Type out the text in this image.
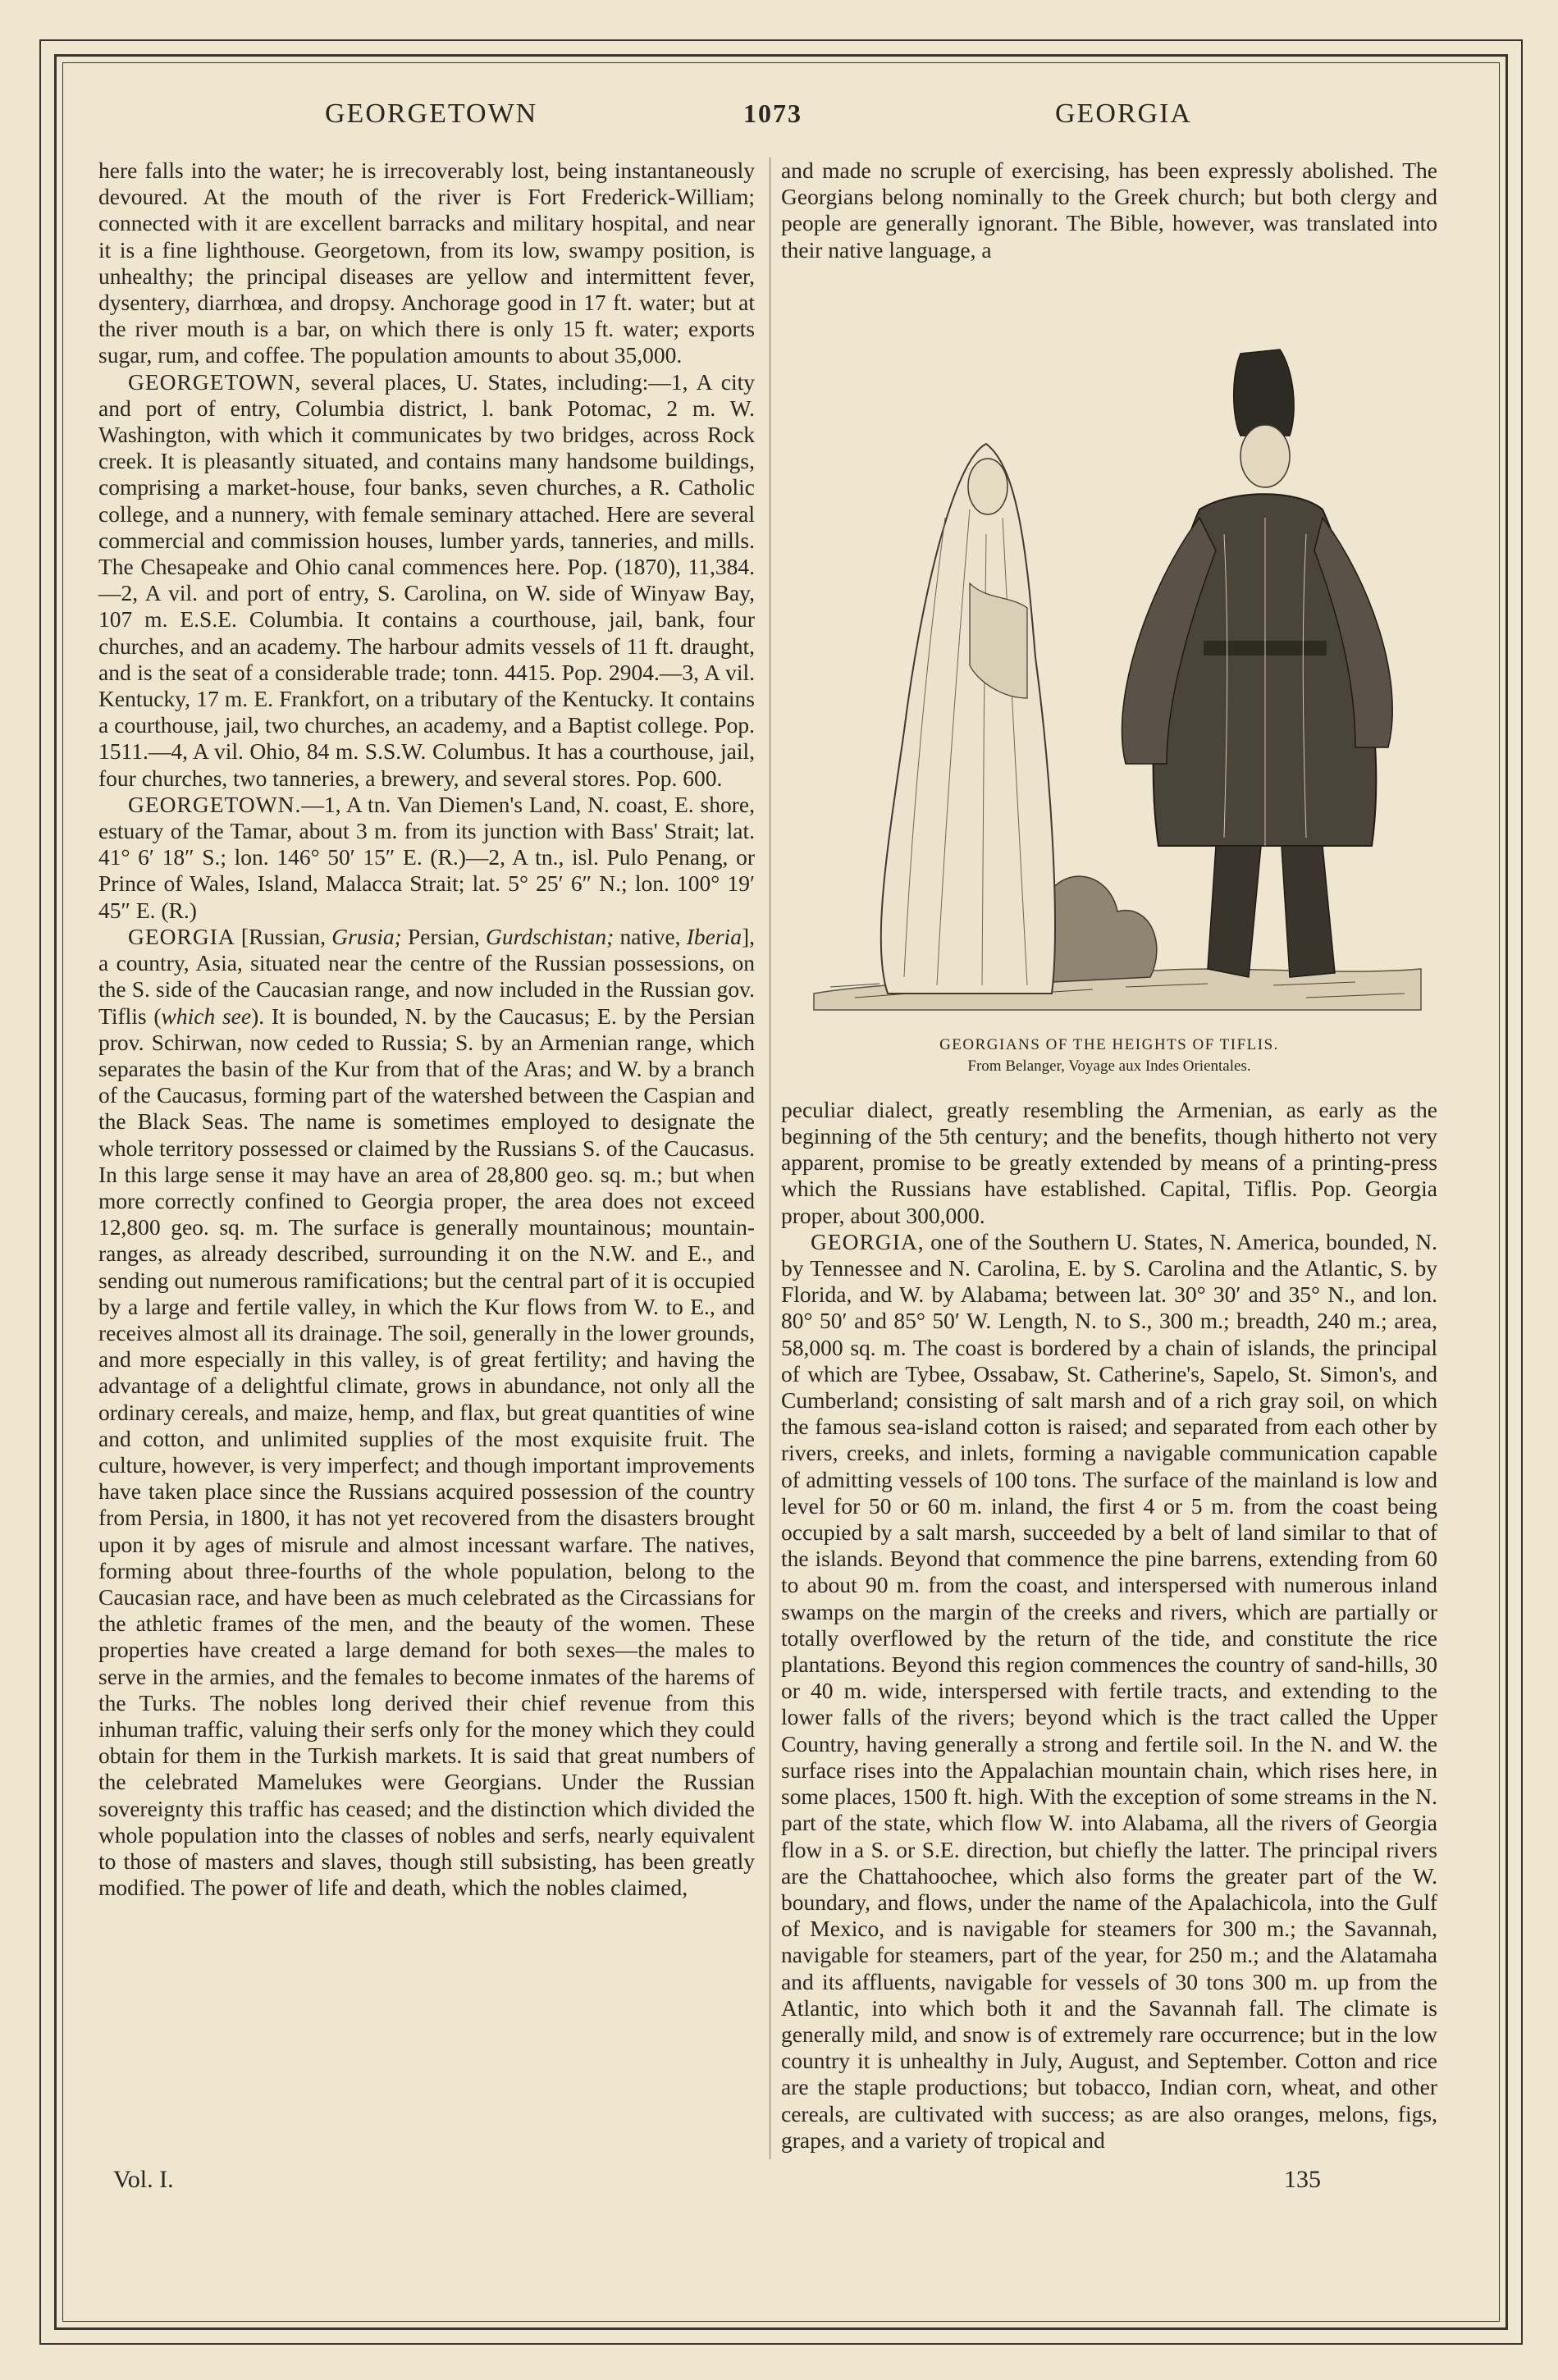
GEORGETOWN	1073	GEORGIA

here falls into the water; he is irrecoverably lost, being instantaneously devoured. At the mouth of the river is Fort Frederick-William; connected with it are excellent barracks and military hospital, and near it is a fine lighthouse. Georgetown, from its low, swampy position, is unhealthy; the principal diseases are yellow and intermittent fever, dysentery, diarrhœa, and dropsy. Anchorage good in 17 ft. water; but at the river mouth is a bar, on which there is only 15 ft. water; exports sugar, rum, and coffee. The population amounts to about 35,000.

GEORGETOWN, several places, U. States, including:—1, A city and port of entry, Columbia district, l. bank Potomac, 2 m. W. Washington, with which it communicates by two bridges, across Rock creek. It is pleasantly situated, and contains many handsome buildings, comprising a market-house, four banks, seven churches, a R. Catholic college, and a nunnery, with female seminary attached. Here are several commercial and commission houses, lumber yards, tanneries, and mills. The Chesapeake and Ohio canal commences here. Pop. (1870), 11,384.—2, A vil. and port of entry, S. Carolina, on W. side of Winyaw Bay, 107 m. E.S.E. Columbia. It contains a courthouse, jail, bank, four churches, and an academy. The harbour admits vessels of 11 ft. draught, and is the seat of a considerable trade; tonn. 4415. Pop. 2904.—3, A vil. Kentucky, 17 m. E. Frankfort, on a tributary of the Kentucky. It contains a courthouse, jail, two churches, an academy, and a Baptist college. Pop. 1511.—4, A vil. Ohio, 84 m. S.S.W. Columbus. It has a courthouse, jail, four churches, two tanneries, a brewery, and several stores. Pop. 600.

GEORGETOWN.—1, A tn. Van Diemen's Land, N. coast, E. shore, estuary of the Tamar, about 3 m. from its junction with Bass' Strait; lat. 41° 6′ 18″ S.; lon. 146° 50′ 15″ E. (R.)—2, A tn., isl. Pulo Penang, or Prince of Wales, Island, Malacca Strait; lat. 5° 25′ 6″ N.; lon. 100° 19′ 45″ E. (R.)

GEORGIA [Russian, Grusia; Persian, Gurdschistan; native, Iberia], a country, Asia, situated near the centre of the Russian possessions, on the S. side of the Caucasian range, and now included in the Russian gov. Tiflis (which see). It is bounded, N. by the Caucasus; E. by the Persian prov. Schirwan, now ceded to Russia; S. by an Armenian range, which separates the basin of the Kur from that of the Aras; and W. by a branch of the Caucasus, forming part of the watershed between the Caspian and the Black Seas. The name is sometimes employed to designate the whole territory possessed or claimed by the Russians S. of the Caucasus. In this large sense it may have an area of 28,800 geo. sq. m.; but when more correctly confined to Georgia proper, the area does not exceed 12,800 geo. sq. m. The surface is generally mountainous; mountain-ranges, as already described, surrounding it on the N.W. and E., and sending out numerous ramifications; but the central part of it is occupied by a large and fertile valley, in which the Kur flows from W. to E., and receives almost all its drainage. The soil, generally in the lower grounds, and more especially in this valley, is of great fertility; and having the advantage of a delightful climate, grows in abundance, not only all the ordinary cereals, and maize, hemp, and flax, but great quantities of wine and cotton, and unlimited supplies of the most exquisite fruit. The culture, however, is very imperfect; and though important improvements have taken place since the Russians acquired possession of the country from Persia, in 1800, it has not yet recovered from the disasters brought upon it by ages of misrule and almost incessant warfare. The natives, forming about three-fourths of the whole population, belong to the Caucasian race, and have been as much celebrated as the Circassians for the athletic frames of the men, and the beauty of the women. These properties have created a large demand for both sexes—the males to serve in the armies, and the females to become inmates of the harems of the Turks. The nobles long derived their chief revenue from this inhuman traffic, valuing their serfs only for the money which they could obtain for them in the Turkish markets. It is said that great numbers of the celebrated Mamelukes were Georgians. Under the Russian sovereignty this traffic has ceased; and the distinction which divided the whole population into the classes of nobles and serfs, nearly equivalent to those of masters and slaves, though still subsisting, has been greatly modified. The power of life and death, which the nobles claimed,

and made no scruple of exercising, has been expressly abolished. The Georgians belong nominally to the Greek church; but both clergy and people are generally ignorant. The Bible, however, was translated into their native language, a

GEORGIANS OF THE HEIGHTS OF TIFLIS.
From Belanger, Voyage aux Indes Orientales.

peculiar dialect, greatly resembling the Armenian, as early as the beginning of the 5th century; and the benefits, though hitherto not very apparent, promise to be greatly extended by means of a printing-press which the Russians have established. Capital, Tiflis. Pop. Georgia proper, about 300,000.

GEORGIA, one of the Southern U. States, N. America, bounded, N. by Tennessee and N. Carolina, E. by S. Carolina and the Atlantic, S. by Florida, and W. by Alabama; between lat. 30° 30′ and 35° N., and lon. 80° 50′ and 85° 50′ W. Length, N. to S., 300 m.; breadth, 240 m.; area, 58,000 sq. m. The coast is bordered by a chain of islands, the principal of which are Tybee, Ossabaw, St. Catherine's, Sapelo, St. Simon's, and Cumberland; consisting of salt marsh and of a rich gray soil, on which the famous sea-island cotton is raised; and separated from each other by rivers, creeks, and inlets, forming a navigable communication capable of admitting vessels of 100 tons. The surface of the mainland is low and level for 50 or 60 m. inland, the first 4 or 5 m. from the coast being occupied by a salt marsh, succeeded by a belt of land similar to that of the islands. Beyond that commence the pine barrens, extending from 60 to about 90 m. from the coast, and interspersed with numerous inland swamps on the margin of the creeks and rivers, which are partially or totally overflowed by the return of the tide, and constitute the rice plantations. Beyond this region commences the country of sand-hills, 30 or 40 m. wide, interspersed with fertile tracts, and extending to the lower falls of the rivers; beyond which is the tract called the Upper Country, having generally a strong and fertile soil. In the N. and W. the surface rises into the Appalachian mountain chain, which rises here, in some places, 1500 ft. high. With the exception of some streams in the N. part of the state, which flow W. into Alabama, all the rivers of Georgia flow in a S. or S.E. direction, but chiefly the latter. The principal rivers are the Chattahoochee, which also forms the greater part of the W. boundary, and flows, under the name of the Apalachicola, into the Gulf of Mexico, and is navigable for steamers for 300 m.; the Savannah, navigable for steamers, part of the year, for 250 m.; and the Alatamaha and its affluents, navigable for vessels of 30 tons 300 m. up from the Atlantic, into which both it and the Savannah fall. The climate is generally mild, and snow is of extremely rare occurrence; but in the low country it is unhealthy in July, August, and September. Cotton and rice are the staple productions; but tobacco, Indian corn, wheat, and other cereals, are cultivated with success; as are also oranges, melons, figs, grapes, and a variety of tropical and

Vol. I.	135
